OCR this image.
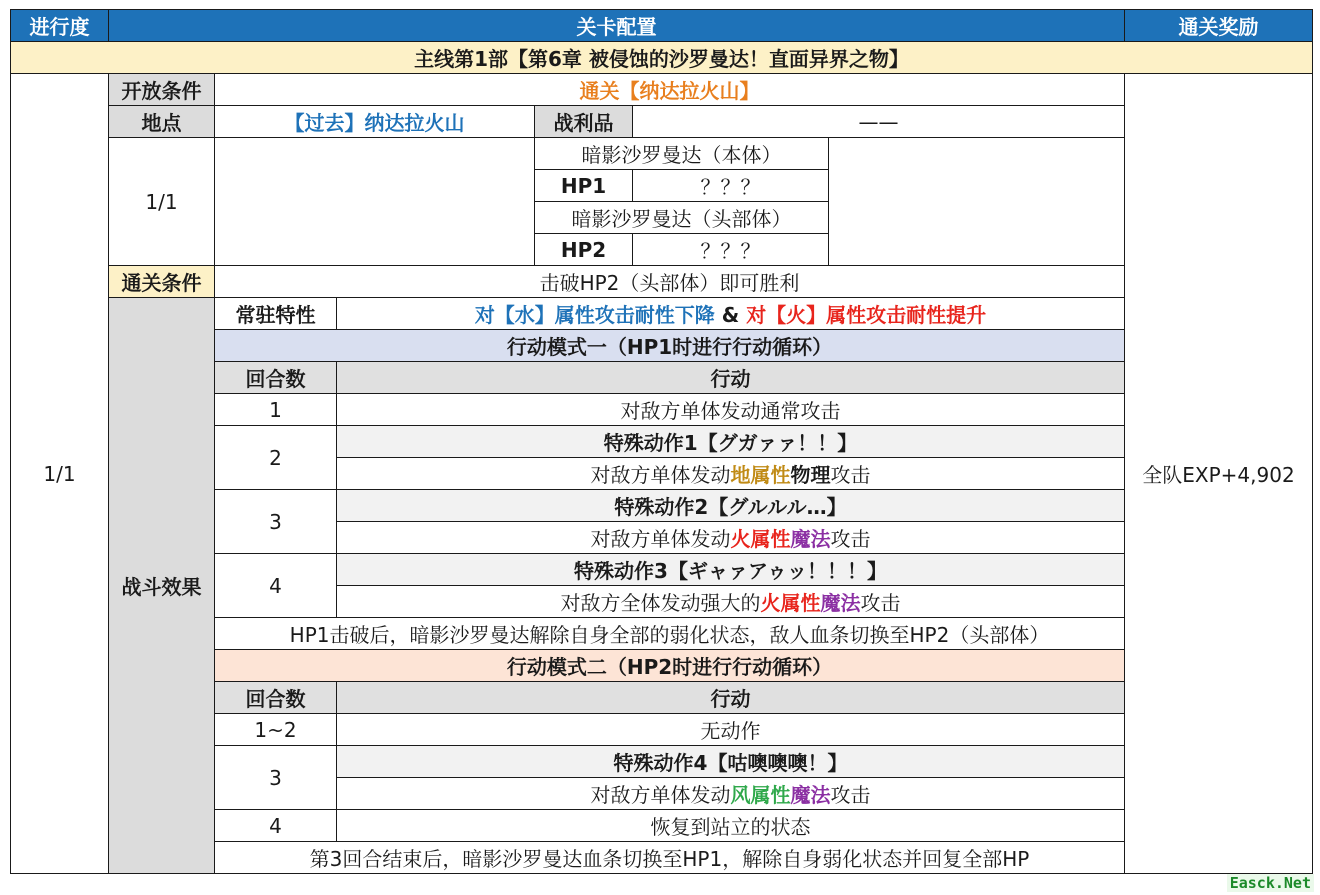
进行度	关卡配置						通关奖励
主线第1部【第6章 被侵蚀的沙罗曼达！直面异界之物】							
1/1	开放条件	通关【纳达拉火山】					全队EXP+4,902
	地点	【过去】纳达拉火山		战利品	——		
	1/1			暗影沙罗曼达（本体）			
				HP1	？？？		
				暗影沙罗曼达（头部体）			
				HP2	？？？		
	通关条件	击破HP2（头部体）即可胜利					
	战斗效果	常驻特性	对【水】属性攻击耐性下降 & 对【火】属性攻击耐性提升				
		行动模式一（HP1时进行行动循环）					
		回合数	行动				
		1	对敌方单体发动通常攻击				
		2	特殊动作1【グガァァ！！】				
			对敌方单体发动地属性物理攻击				
		3	特殊动作2【グルルル…】				
			对敌方单体发动火属性魔法攻击				
		4	特殊动作3【ギャァアゥッ！！！】				
			对敌方全体发动强大的火属性魔法攻击				
		HP1击破后，暗影沙罗曼达解除自身全部的弱化状态，敌人血条切换至HP2（头部体）					
		行动模式二（HP2时进行行动循环）					
		回合数	行动				
		1~2	无动作				
		3	特殊动作4【咕噢噢噢！】				
			对敌方单体发动风属性魔法攻击				
		4	恢复到站立的状态				
		第3回合结束后，暗影沙罗曼达血条切换至HP1，解除自身弱化状态并回复全部HP					
Easck.Net
